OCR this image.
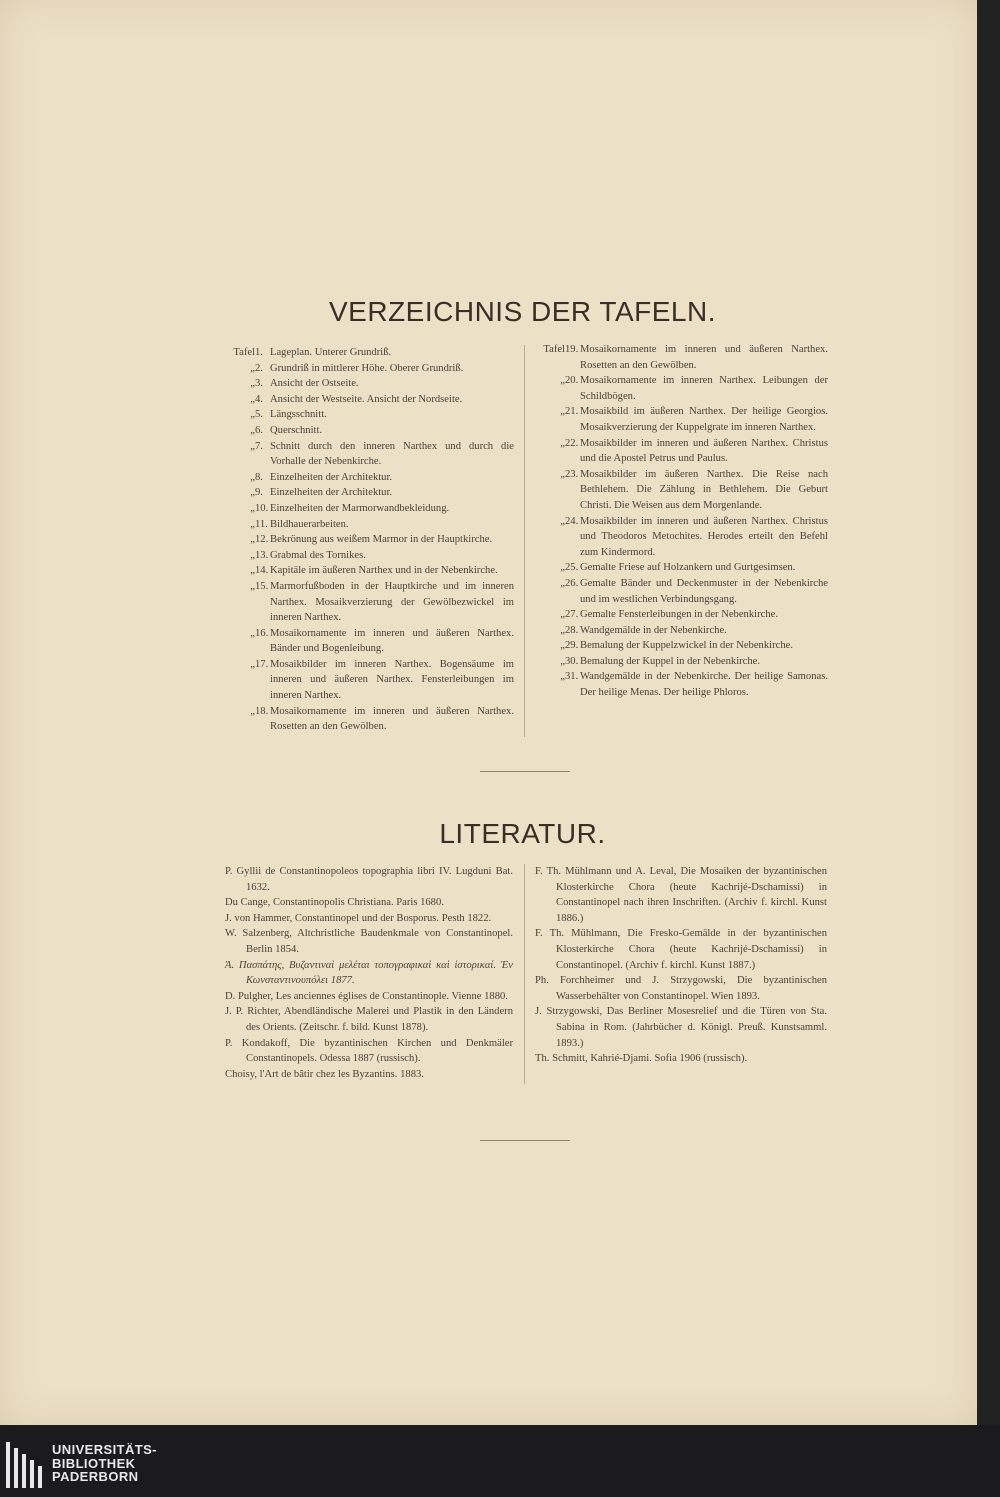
VERZEICHNIS DER TAFELN.
Tafel 1. Lageplan. Unterer Grundriß.
„ 2. Grundriß in mittlerer Höhe. Oberer Grundriß.
„ 3. Ansicht der Ostseite.
„ 4. Ansicht der Westseite. Ansicht der Nordseite.
„ 5. Längsschnitt.
„ 6. Querschnitt.
„ 7. Schnitt durch den inneren Narthex und durch die Vorhalle der Nebenkirche.
„ 8. Einzelheiten der Architektur.
„ 9. Einzelheiten der Architektur.
„ 10. Einzelheiten der Marmorwandbekleidung.
„ 11. Bildhauerarbeiten.
„ 12. Bekrönung aus weißem Marmor in der Hauptkirche.
„ 13. Grabmal des Tornikes.
„ 14. Kapitäle im äußeren Narthex und in der Nebenkirche.
„ 15. Marmorfußboden in der Hauptkirche und im inneren Narthex. Mosaikverzierung der Gewölbezwickel im inneren Narthex.
„ 16. Mosaikornamente im inneren und äußeren Narthex. Bänder und Bogenleibung.
„ 17. Mosaikbilder im inneren Narthex. Bogensäume im inneren und äußeren Narthex. Fensterleibungen im inneren Narthex.
„ 18. Mosaikornamente im inneren und äußeren Narthex. Rosetten an den Gewölben.
Tafel 19. Mosaikornamente im inneren und äußeren Narthex. Rosetten an den Gewölben.
„ 20. Mosaikornamente im inneren Narthex. Leibungen der Schildbögen.
„ 21. Mosaikbild im äußeren Narthex. Der heilige Georgios. Mosaikverzierung der Kuppelgrate im inneren Narthex.
„ 22. Mosaikbilder im inneren und äußeren Narthex. Christus und die Apostel Petrus und Paulus.
„ 23. Mosaikbilder im äußeren Narthex. Die Reise nach Bethlehem. Die Zählung in Bethlehem. Die Geburt Christi. Die Weisen aus dem Morgenlande.
„ 24. Mosaikbilder im inneren und äußeren Narthex. Christus und Theodoros Metochites. Herodes erteilt den Befehl zum Kindermord.
„ 25. Gemalte Friese auf Holzankern und Gurtgesimsen.
„ 26. Gemalte Bänder und Deckenmuster in der Nebenkirche und im westlichen Verbindungsgang.
„ 27. Gemalte Fensterleibungen in der Nebenkirche.
„ 28. Wandgemälde in der Nebenkirche.
„ 29. Bemalung der Kuppelzwickel in der Nebenkirche.
„ 30. Bemalung der Kuppel in der Nebenkirche.
„ 31. Wandgemälde in der Nebenkirche. Der heilige Samonas. Der heilige Menas. Der heilige Phloros.
LITERATUR.
P. Gyllii de Constantinopoleos topographia libri IV. Lugduni Bat. 1632.
Du Cange, Constantinopolis Christiana. Paris 1680.
J. von Hammer, Constantinopel und der Bosporus. Pesth 1822.
W. Salzenberg, Altchristliche Baudenkmale von Constantinopel. Berlin 1854.
Ἀ. Πασπάτης, Βυζαντιναὶ μελέται τοπογραφικαὶ καὶ ἱστορικαί. Ἐν Κωνσταντινουπόλει 1877.
D. Pulgher, Les anciennes églises de Constantinople. Vienne 1880.
J. P. Richter, Abendländische Malerei und Plastik in den Ländern des Orients. (Zeitschr. f. bild. Kunst 1878).
P. Kondakoff, Die byzantinischen Kirchen und Denkmäler Constantinopels. Odessa 1887 (russisch).
Choisy, l'Art de bâtir chez les Byzantins. 1883.
F. Th. Mühlmann und A. Leval, Die Mosaiken der byzantinischen Klosterkirche Chora (heute Kachrijé-Dschamissi) in Constantinopel nach ihren Inschriften. (Archiv f. kirchl. Kunst 1886.)
F. Th. Mühlmann, Die Fresko-Gemälde in der byzantinischen Klosterkirche Chora (heute Kachrijé-Dschamissi) in Constantinopel. (Archiv f. kirchl. Kunst 1887.)
Ph. Forchheimer und J. Strzygowski, Die byzantinischen Wasserbehälter von Constantinopel. Wien 1893.
J. Strzygowski, Das Berliner Mosesrelief und die Türen von Sta. Sabina in Rom. (Jahrbücher d. Königl. Preuß. Kunstsamml. 1893.)
Th. Schmitt, Kahrié-Djami. Sofia 1906 (russisch).
UNIVERSITÄTS-
BIBLIOTHEK
PADERBORN
